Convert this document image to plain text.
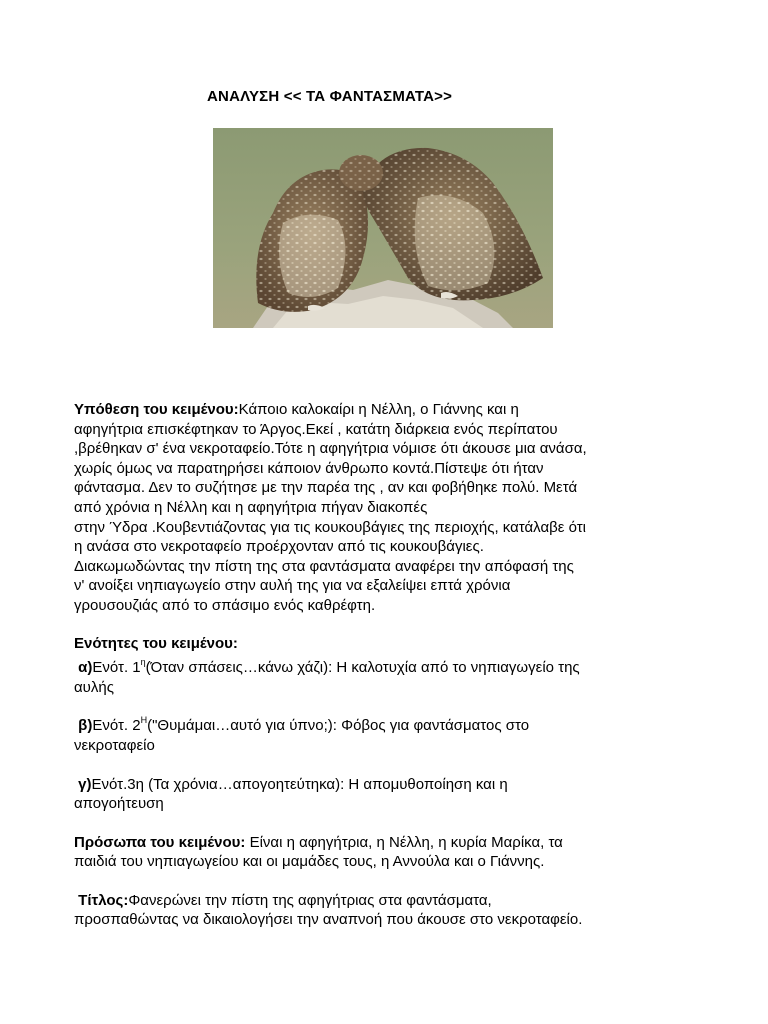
ΑΝΑΛΥΣΗ << ΤΑ ΦΑΝΤΑΣΜΑΤΑ>>

Υπόθεση του κειμένου:Κάποιο καλοκαίρι η Νέλλη, ο Γιάννης και η

αφηγήτρια επισκέφτηκαν το Άργος.Εκεί , κατάτη διάρκεια ενός περίπατου

,βρέθηκαν σ' ένα νεκροταφείο.Τότε η αφηγήτρια νόμισε ότι άκουσε μια ανάσα,

χωρίς όμως να παρατηρήσει κάποιον άνθρωπο κοντά.Πίστεψε ότι ήταν

φάντασμα. Δεν το συζήτησε με την παρέα της , αν και φοβήθηκε πολύ. Μετά

από χρόνια η Νέλλη και η αφηγήτρια πήγαν διακοπές

στην Ύδρα .Κουβεντιάζοντας για τις κουκουβάγιες της περιοχής, κατάλαβε ότι

η ανάσα στο νεκροταφείο προέρχονταν από τις κουκουβάγιες.

Διακωμωδώντας την πίστη της στα φαντάσματα αναφέρει την απόφασή της

ν' ανοίξει νηπιαγωγείο στην αυλή της για να εξαλείψει επτά χρόνια

γρουσουζιάς από το σπάσιμο ενός καθρέφτη.

Ενότητες του κειμένου:

α)Ενότ. $1^\eta(Ό\tau\alpha\nu$ σπάσεις…κάνω χάζι): Η καλοτυχία από το νηπιαγωγείο της

αυλής

β)Ενότ. $2^H("\Theta\upsilon\mu ά\mu\alpha\iota\dots\alpha\upsilon\tau ό$ για ύπνο;): Φόβος για φαντάσματος στο

νεκροταφείο

γ)Ενότ.3η (Τα χρόνια…απογοητεύτηκα): Η απομυθοποίηση και η

απογοήτευση

Πρόσωπα του κειμένου: Είναι η αφηγήτρια, η Νέλλη, η κυρία Μαρίκα, τα

παιδιά του νηπιαγωγείου και οι μαμάδες τους, η Αννούλα και ο Γιάννης.

Τίτλος:Φανερώνει την πίστη της αφηγήτριας στα φαντάσματα,

προσπαθώντας να δικαιολογήσει την αναπνοή που άκουσε στο νεκροταφείο.
